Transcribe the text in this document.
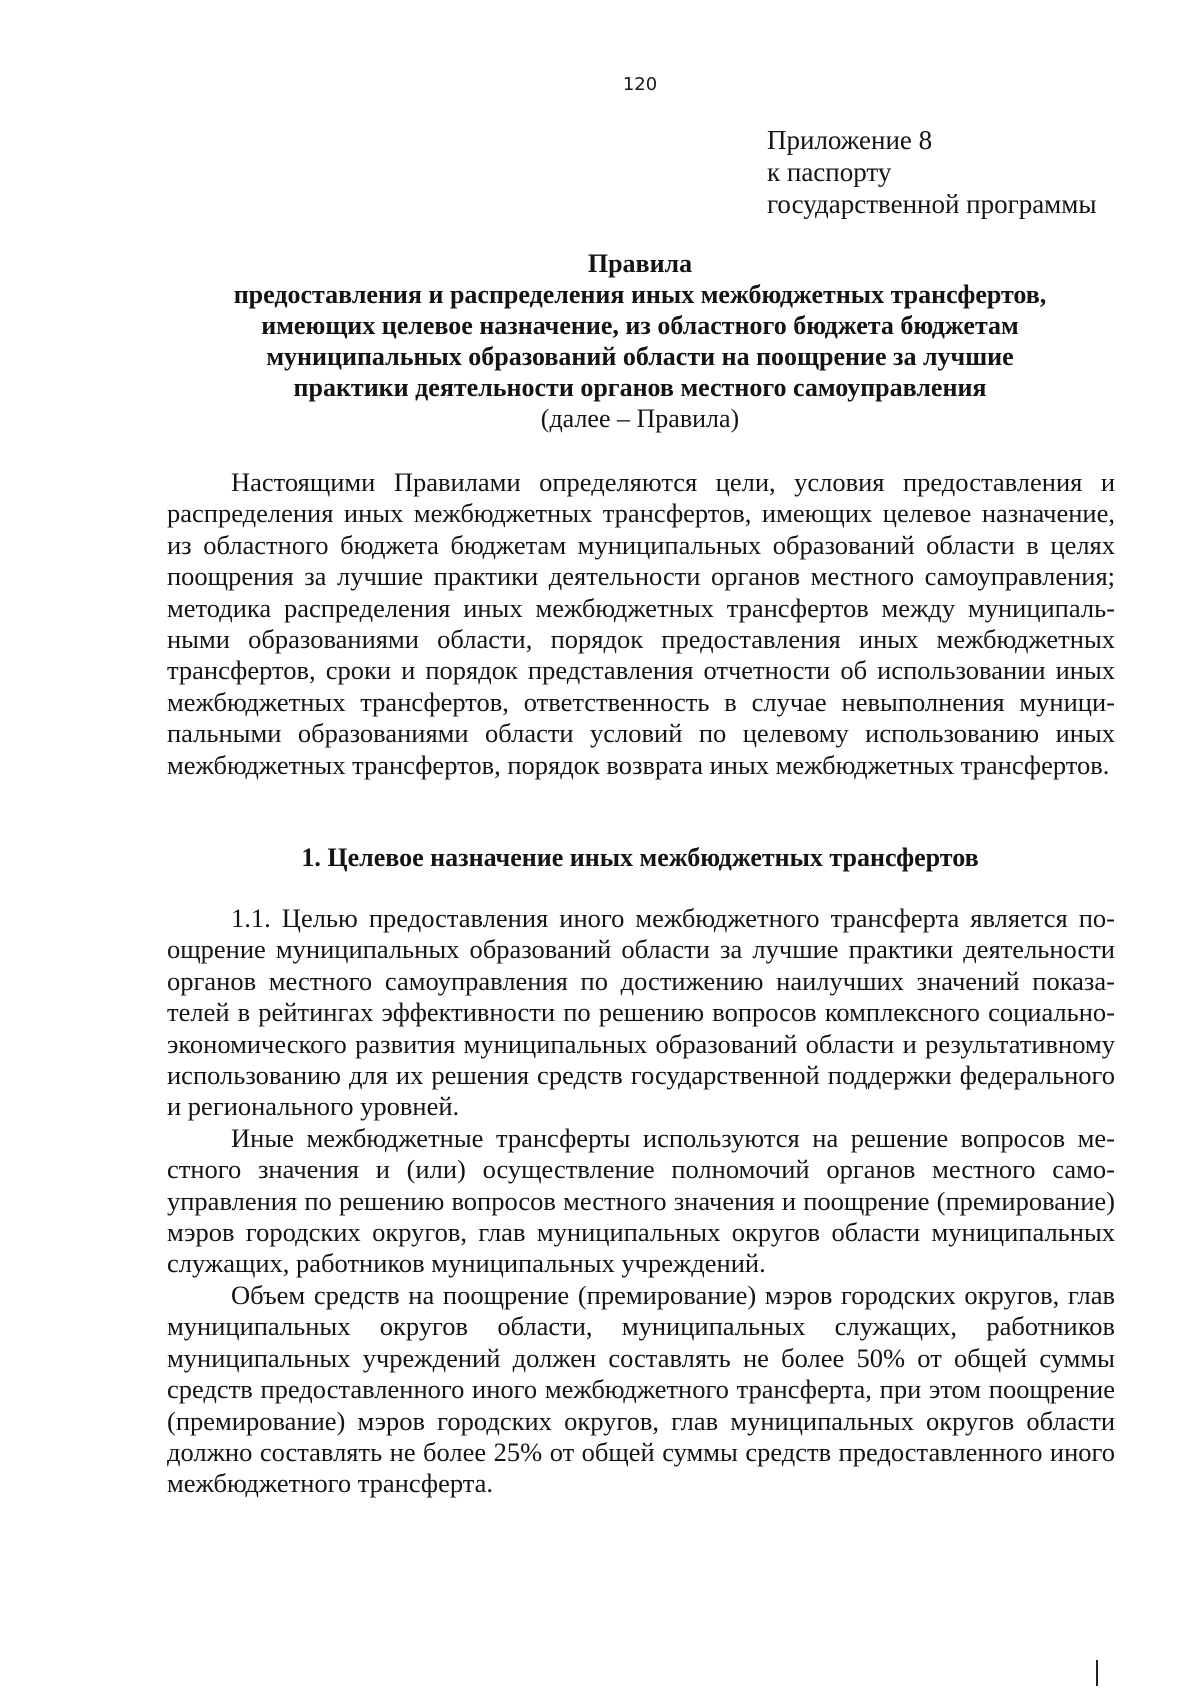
120
Приложение 8
к паспорту
государственной программы
Правила
предоставления и распределения иных межбюджетных трансфертов,
имеющих целевое назначение, из областного бюджета бюджетам
муниципальных образований области на поощрение за лучшие
практики деятельности органов местного самоуправления
(далее – Правила)

Настоящими Правилами определяются цели, условия предоставления и распределения иных межбюджетных трансфертов, имеющих целевое назначение, из областного бюджета бюджетам муниципальных образований области в целях поощрения за лучшие практики деятельности органов местного самоуправления; методика распределения иных межбюджетных трансфертов между муниципальными образованиями области, порядок предоставления иных межбюджетных трансфертов, сроки и порядок представления отчетности об использовании иных межбюджетных трансфертов, ответственность в случае невыполнения муниципальными образованиями области условий по целевому использованию иных межбюджетных трансфертов, порядок возврата иных межбюджетных трансфертов.

1. Целевое назначение иных межбюджетных трансфертов

1.1. Целью предоставления иного межбюджетного трансферта является поощрение муниципальных образований области за лучшие практики деятельности органов местного самоуправления по достижению наилучших значений показателей в рейтингах эффективности по решению вопросов комплексного социально-экономического развития муниципальных образований области и результативному использованию для их решения средств государственной поддержки федерального и регионального уровней.

Иные межбюджетные трансферты используются на решение вопросов местного значения и (или) осуществление полномочий органов местного самоуправления по решению вопросов местного значения и поощрение (премирование) мэров городских округов, глав муниципальных округов области муниципальных служащих, работников муниципальных учреждений.

Объем средств на поощрение (премирование) мэров городских округов, глав муниципальных округов области, муниципальных служащих, работников муниципальных учреждений должен составлять не более 50% от общей суммы средств предоставленного иного межбюджетного трансферта, при этом поощрение (премирование) мэров городских округов, глав муниципальных округов области должно составлять не более 25% от общей суммы средств предоставленного иного межбюджетного трансферта.
